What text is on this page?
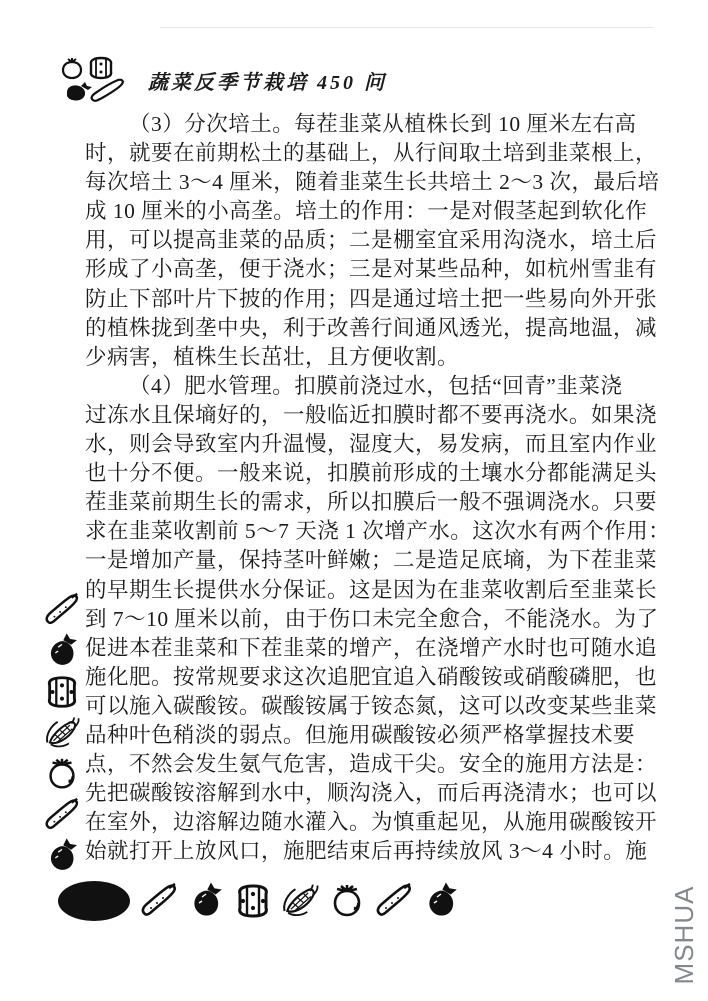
蔬菜反季节栽培 450 问
（3）分次培土。每茬韭菜从植株长到 10 厘米左右高
时，就要在前期松土的基础上，从行间取土培到韭菜根上，
每次培土 3～4 厘米，随着韭菜生长共培土 2～3 次，最后培
成 10 厘米的小高垄。培土的作用：一是对假茎起到软化作
用，可以提高韭菜的品质；二是棚室宜采用沟浇水，培土后
形成了小高垄，便于浇水；三是对某些品种，如杭州雪韭有
防止下部叶片下披的作用；四是通过培土把一些易向外开张
的植株拢到垄中央，利于改善行间通风透光，提高地温，减
少病害，植株生长茁壮，且方便收割。
（4）肥水管理。扣膜前浇过水，包括“回青”韭菜浇
过冻水且保墒好的，一般临近扣膜时都不要再浇水。如果浇
水，则会导致室内升温慢，湿度大，易发病，而且室内作业
也十分不便。一般来说，扣膜前形成的土壤水分都能满足头
茬韭菜前期生长的需求，所以扣膜后一般不强调浇水。只要
求在韭菜收割前 5～7 天浇 1 次增产水。这次水有两个作用：
一是增加产量，保持茎叶鲜嫩；二是造足底墒，为下茬韭菜
的早期生长提供水分保证。这是因为在韭菜收割后至韭菜长
到 7～10 厘米以前，由于伤口未完全愈合，不能浇水。为了
促进本茬韭菜和下茬韭菜的增产，在浇增产水时也可随水追
施化肥。按常规要求这次追肥宜追入硝酸铵或硝酸磷肥，也
可以施入碳酸铵。碳酸铵属于铵态氮，这可以改变某些韭菜
品种叶色稍淡的弱点。但施用碳酸铵必须严格掌握技术要
点，不然会发生氨气危害，造成干尖。安全的施用方法是：
先把碳酸铵溶解到水中，顺沟浇入，而后再浇清水；也可以
在室外，边溶解边随水灌入。为慎重起见，从施用碳酸铵开
始就打开上放风口，施肥结束后再持续放风 3～4 小时。施
MSHUA
